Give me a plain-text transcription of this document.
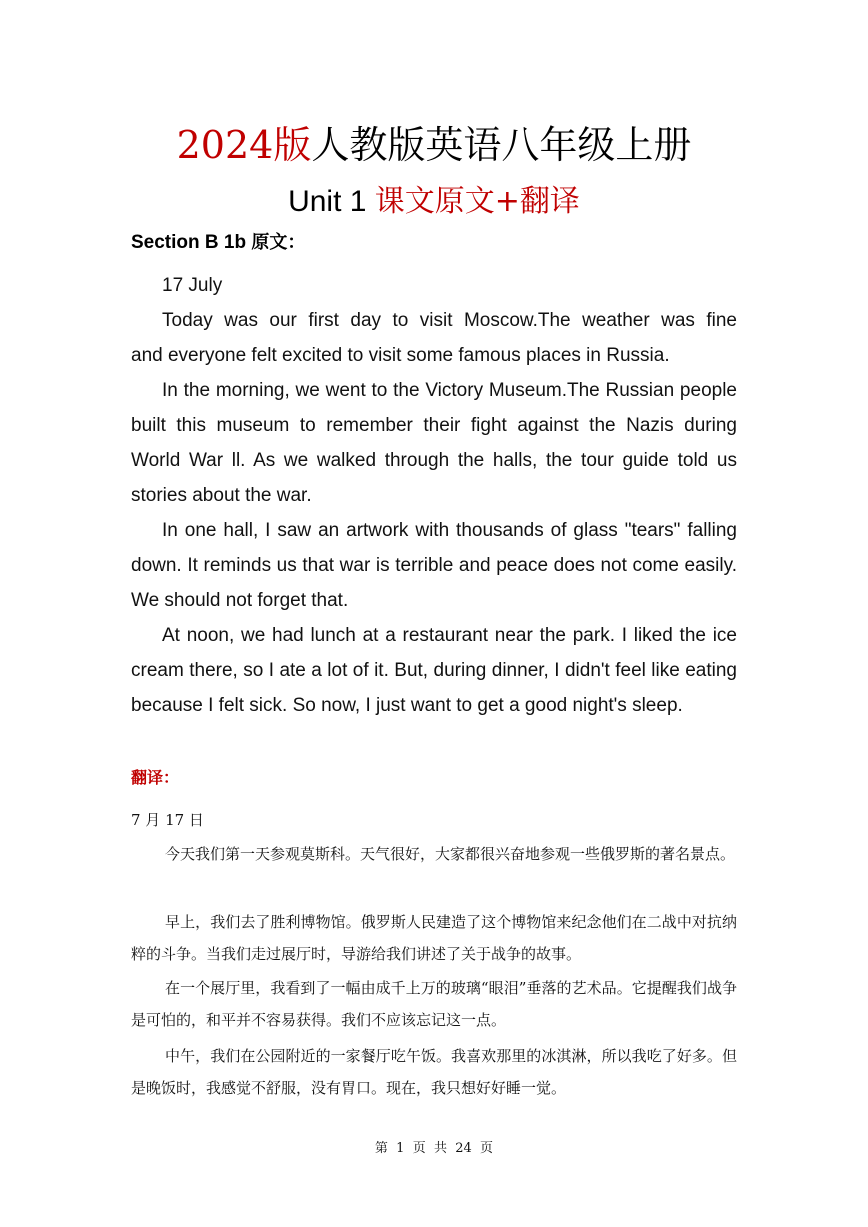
2024版人教版英语八年级上册
Unit 1 课文原文+翻译
Section B 1b 原文：

17 July

Today was our first day to visit Moscow.The weather was fine

and everyone felt excited to visit some famous places in Russia.

In the morning, we went to the Victory Museum.The Russian people built this museum to remember their fight against the Nazis during World War ll. As we walked through the halls, the tour guide told us stories about the war.

In one hall, I saw an artwork with thousands of glass "tears" falling down. It reminds us that war is terrible and peace does not come easily. We should not forget that.

At noon, we had lunch at a restaurant near the park. I liked the ice cream there, so I ate a lot of it. But, during dinner, I didn't feel like eating because I felt sick. So now, I just want to get a good night's sleep.

翻译：
7 月 17 日

今天我们第一天参观莫斯科。天气很好，大家都很兴奋地参观一些俄罗斯的著名景点。

早上，我们去了胜利博物馆。俄罗斯人民建造了这个博物馆来纪念他们在二战中对抗纳粹的斗争。当我们走过展厅时，导游给我们讲述了关于战争的故事。

在一个展厅里，我看到了一幅由成千上万的玻璃“眼泪”垂落的艺术品。它提醒我们战争是可怕的，和平并不容易获得。我们不应该忘记这一点。

中午，我们在公园附近的一家餐厅吃午饭。我喜欢那里的冰淇淋，所以我吃了好多。但是晚饭时，我感觉不舒服，没有胃口。现在，我只想好好睡一觉。

第  1  页  共  24  页
